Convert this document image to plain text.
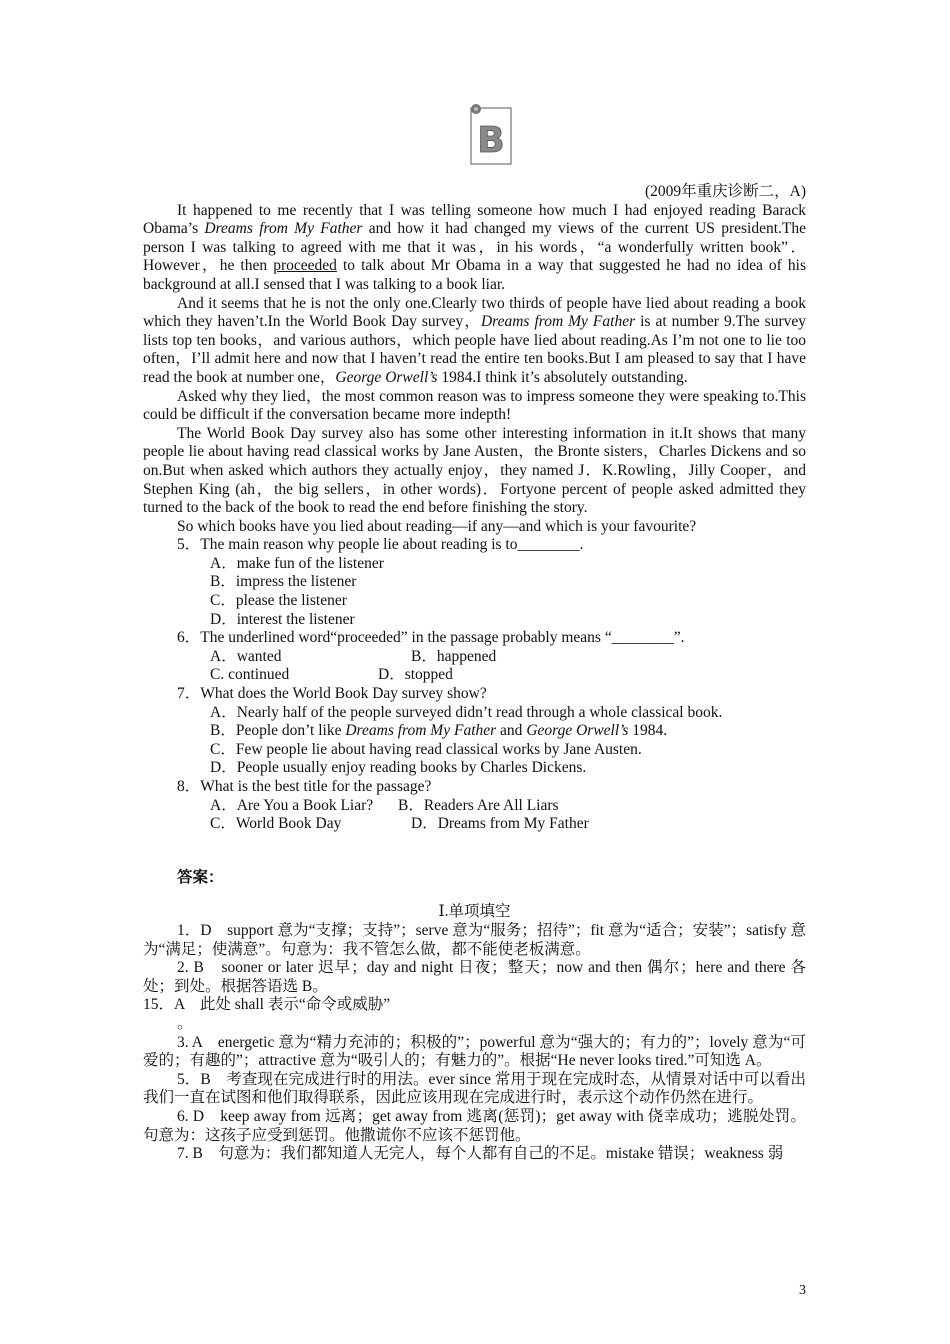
B

(2009年重庆诊断二，A)

It happened to me recently that I was telling someone how much I had enjoyed reading Barack Obama’s Dreams from My Father and how it had changed my views of the current US president.The person I was talking to agreed with me that it was，in his words，“a wonderfully written book”．However，he then proceeded to talk about Mr Obama in a way that suggested he had no idea of his background at all.I sensed that I was talking to a book liar.

And it seems that he is not the only one.Clearly two thirds of people have lied about reading a book which they haven’t.In the World Book Day survey，Dreams from My Father is at number 9.The survey lists top ten books，and various authors，which people have lied about reading.As I’m not one to lie too often，I’ll admit here and now that I haven’t read the entire ten books.But I am pleased to say that I have read the book at number one，George Orwell’s 1984.I think it’s absolutely outstanding.

Asked why they lied，the most common reason was to impress someone they were speaking to.This could be difficult if the conversation became more indepth!

The World Book Day survey also has some other interesting information in it.It shows that many people lie about having read classical works by Jane Austen，the Bronte sisters，Charles Dickens and so on.But when asked which authors they actually enjoy，they named J．K.Rowling，Jilly Cooper，and Stephen King (ah，the big sellers，in other words)．Fortyone percent of people asked admitted they turned to the back of the book to read the end before finishing the story.

So which books have you lied about reading—if any—and which is your favourite?

5．The main reason why people lie about reading is to________.
A．make fun of the listener
B．impress the listener
C．please the listener
D．interest the listener
6．The underlined word“proceeded” in the passage probably means “________”.
A．wanted	B．happened
C. continued	D．stopped
7．What does the World Book Day survey show?
A．Nearly half of the people surveyed didn’t read through a whole classical book.
B．People don’t like Dreams from My Father and George Orwell’s 1984.
C．Few people lie about having read classical works by Jane Austen.
D．People usually enjoy reading books by Charles Dickens.
8．What is the best title for the passage?
A．Are You a Book Liar? B．Readers Are All Liars
C．World Book Day	D．Dreams from My Father
答案：
Ⅰ.单项填空

1．D　support 意为“支撑；支持”；serve 意为“服务；招待”；fit 意为“适合；安装”；satisfy 意为“满足；使满意”。句意为：我不管怎么做，都不能使老板满意。

2. B　sooner or later 迟早；day and night 日夜；整天；now and then 偶尔；here and there 各处；到处。根据答语选 B。

15．A　此处 shall 表示“命令或威胁”

。

3. A　energetic 意为“精力充沛的；积极的”；powerful 意为“强大的；有力的”；lovely 意为“可爱的；有趣的”；attractive 意为“吸引人的；有魅力的”。根据“He never looks tired.”可知选 A。

5．B　考查现在完成进行时的用法。ever since 常用于现在完成时态，从情景对话中可以看出我们一直在试图和他们取得联系，因此应该用现在完成进行时，表示这个动作仍然在进行。

6. D　keep away from 远离；get away from 逃离(惩罚)；get away with 侥幸成功；逃脱处罚。句意为：这孩子应受到惩罚。他撒谎你不应该不惩罚他。

7. B　句意为：我们都知道人无完人，每个人都有自己的不足。mistake 错误；weakness 弱

3
